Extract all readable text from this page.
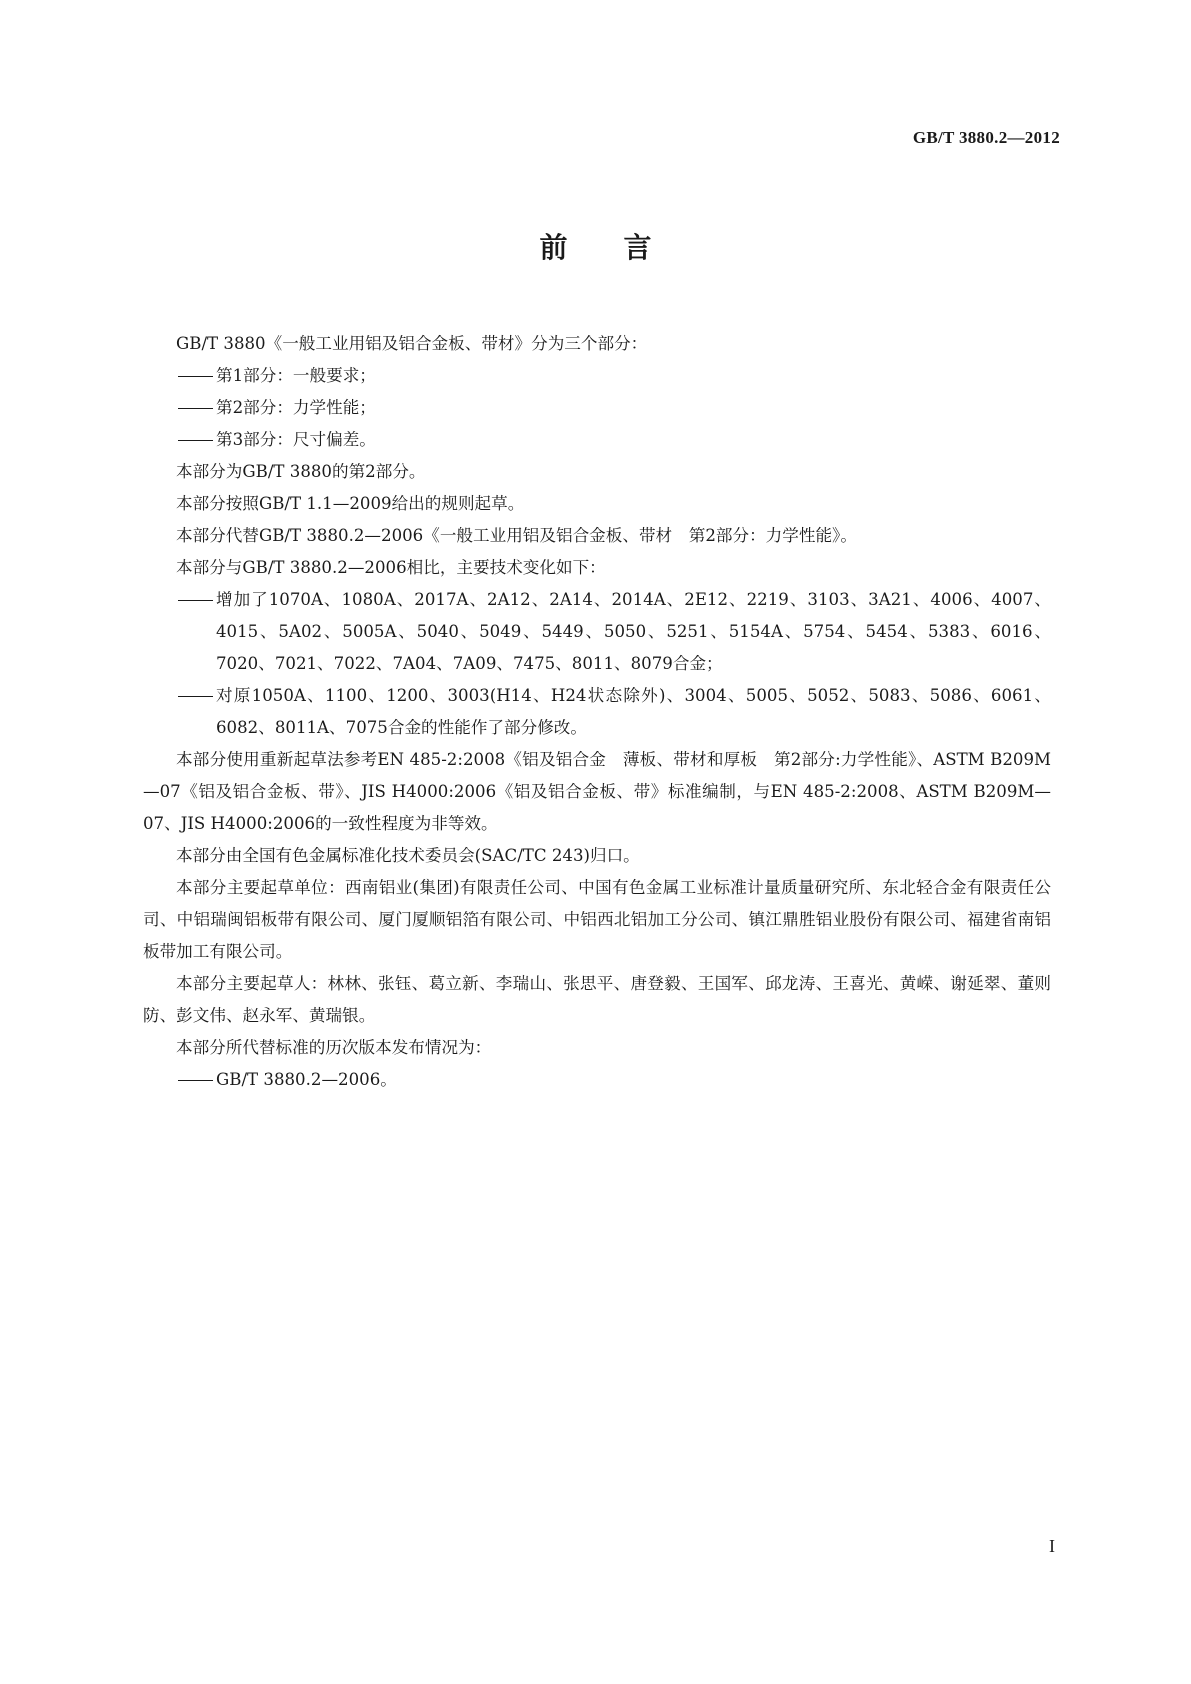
GB/T 3880.2—2012
前 言

GB/T 3880《一般工业用铝及铝合金板、带材》分为三个部分：

第1部分：一般要求；

第2部分：力学性能；

第3部分：尺寸偏差。

本部分为GB/T 3880的第2部分。

本部分按照GB/T 1.1—2009给出的规则起草。

本部分代替GB/T 3880.2—2006《一般工业用铝及铝合金板、带材　第2部分：力学性能》。

本部分与GB/T 3880.2—2006相比，主要技术变化如下：

增加了1070A、1080A、2017A、2A12、2A14、2014A、2E12、2219、3103、3A21、4006、4007、4015、5A02、5005A、5040、5049、5449、5050、5251、5154A、5754、5454、5383、6016、7020、7021、7022、7A04、7A09、7475、8011、8079合金；

对原1050A、1100、1200、3003(H14、H24状态除外)、3004、5005、5052、5083、5086、6061、6082、8011A、7075合金的性能作了部分修改。

本部分使用重新起草法参考EN 485-2:2008《铝及铝合金　薄板、带材和厚板　第2部分:力学性能》、ASTM B209M—07《铝及铝合金板、带》、JIS H4000:2006《铝及铝合金板、带》标准编制，与EN 485-2:2008、ASTM B209M—07、JIS H4000:2006的一致性程度为非等效。

本部分由全国有色金属标准化技术委员会(SAC/TC 243)归口。

本部分主要起草单位：西南铝业(集团)有限责任公司、中国有色金属工业标准计量质量研究所、东北轻合金有限责任公司、中铝瑞闽铝板带有限公司、厦门厦顺铝箔有限公司、中铝西北铝加工分公司、镇江鼎胜铝业股份有限公司、福建省南铝板带加工有限公司。

本部分主要起草人：林林、张钰、葛立新、李瑞山、张思平、唐登毅、王国军、邱龙涛、王喜光、黄嵘、谢延翠、董则防、彭文伟、赵永军、黄瑞银。

本部分所代替标准的历次版本发布情况为：

GB/T 3880.2—2006。

I
